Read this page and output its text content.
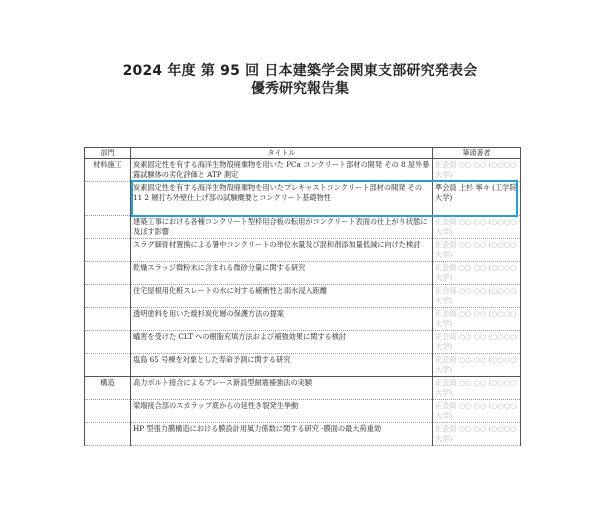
2024 年度 第 95 回 日本建築学会関東支部研究発表会
優秀研究報告集
部門	タイトル	筆頭著者
材料施工	炭素固定性を有する海洋生物殻廃棄物を用いた PCa コンクリート部材の開発 その 8 屋外暴露試験体の劣化評価と ATP 測定	正会員 ○○ ○○ (○○○○大学)
	炭素固定性を有する海洋生物殻廃棄物を用いたプレキャストコンクリート部材の開発 その 11 2 層打ち外壁仕上げ部の試験概要とコンクリート基礎物性	準会員 上杉 寧々 (工学院大学)
	建築工事における各種コンクリート型枠用合板の転用がコンクリート表面の仕上がり状態に及ぼす影響	正会員 ○○ ○○ (○○○○大学)
	スラグ細骨材置換による暑中コンクリートの単位水量及び混和剤添加量低減に向けた検討	正会員 ○○ ○○ (○○○○大学)
	乾燥スラッジ微粉末に含まれる微砂分量に関する研究	正会員 ○○ ○○ (○○○○大学)
	住宅屋根用化粧スレートの水に対する緩衝性と雨水浸入距離	正会員 ○○ ○○ (○○○○大学)
	透明塗料を用いた焼杉炭化層の保護方法の提案	正会員 ○○ ○○ (○○○○大学)
	蟻害を受けた CLT への樹脂充填方法および補強効果に関する検討	正会員 ○○ ○○ (○○○○大学)
	塩島 65 号棟を対象とした寿命予測に関する研究	正会員 ○○ ○○ (○○○○大学)
構造	高力ボルト接合によるブレース新設型耐震補強法の実験	正会員 ○○ ○○ (○○○○大学)
	梁端接合部のスカラップ底からの延性き裂発生挙動	正会員 ○○ ○○ (○○○○大学)
	HP 型張力膜構造における膜設計用風力係数に関する研究 -膜面の最大荷重効	正会員 ○○ ○○ (○○○○大学)
